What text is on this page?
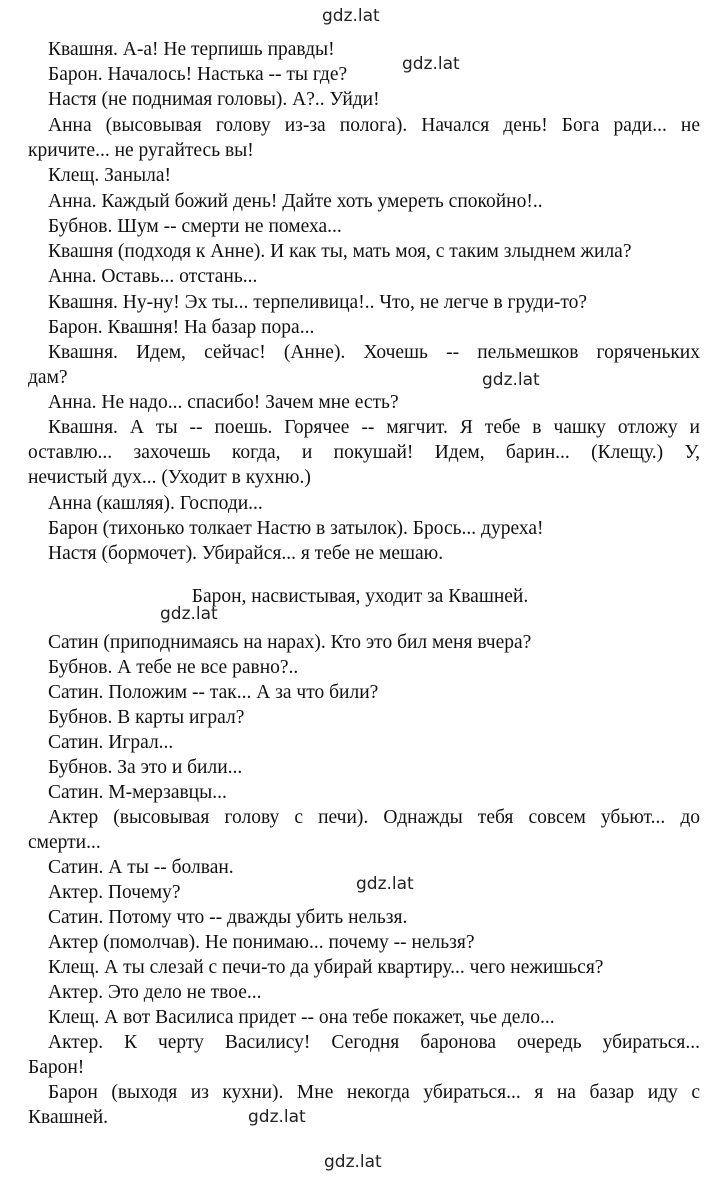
gdz.lat
gdz.lat
gdz.lat
gdz.lat
gdz.lat
gdz.lat
gdz.lat
Квашня. А-а! Не терпишь правды!
Барон. Началось! Настька -- ты где?
Настя (не поднимая головы). А?.. Уйди!
Анна (высовывая голову из-за полога). Начался день! Бога ради... не
кричите... не ругайтесь вы!
Клещ. Заныла!
Анна. Каждый божий день! Дайте хоть умереть спокойно!..
Бубнов. Шум -- смерти не помеха...
Квашня (подходя к Анне). И как ты, мать моя, с таким злыднем жила?
Анна. Оставь... отстань...
Квашня. Ну-ну! Эх ты... терпеливица!.. Что, не легче в груди-то?
Барон. Квашня! На базар пора...
Квашня. Идем, сейчас! (Анне). Хочешь -- пельмешков горяченьких
дам?
Анна. Не надо... спасибо! Зачем мне есть?
Квашня. А ты -- поешь. Горячее -- мягчит. Я тебе в чашку отложу и
оставлю... захочешь когда, и покушай! Идем, барин... (Клещу.) У,
нечистый дух... (Уходит в кухню.)
Анна (кашляя). Господи...
Барон (тихонько толкает Настю в затылок). Брось... дуреха!
Настя (бормочет). Убирайся... я тебе не мешаю.
Барон, насвистывая, уходит за Квашней.
Сатин (приподнимаясь на нарах). Кто это бил меня вчера?
Бубнов. А тебе не все равно?..
Сатин. Положим -- так... А за что били?
Бубнов. В карты играл?
Сатин. Играл...
Бубнов. За это и били...
Сатин. М-мерзавцы...
Актер (высовывая голову с печи). Однажды тебя совсем убьют... до
смерти...
Сатин. А ты -- болван.
Актер. Почему?
Сатин. Потому что -- дважды убить нельзя.
Актер (помолчав). Не понимаю... почему -- нельзя?
Клещ. А ты слезай с печи-то да убирай квартиру... чего нежишься?
Актер. Это дело не твое...
Клещ. А вот Василиса придет -- она тебе покажет, чье дело...
Актер. К черту Василису! Сегодня баронова очередь убираться...
Барон!
Барон (выходя из кухни). Мне некогда убираться... я на базар иду с
Квашней.
